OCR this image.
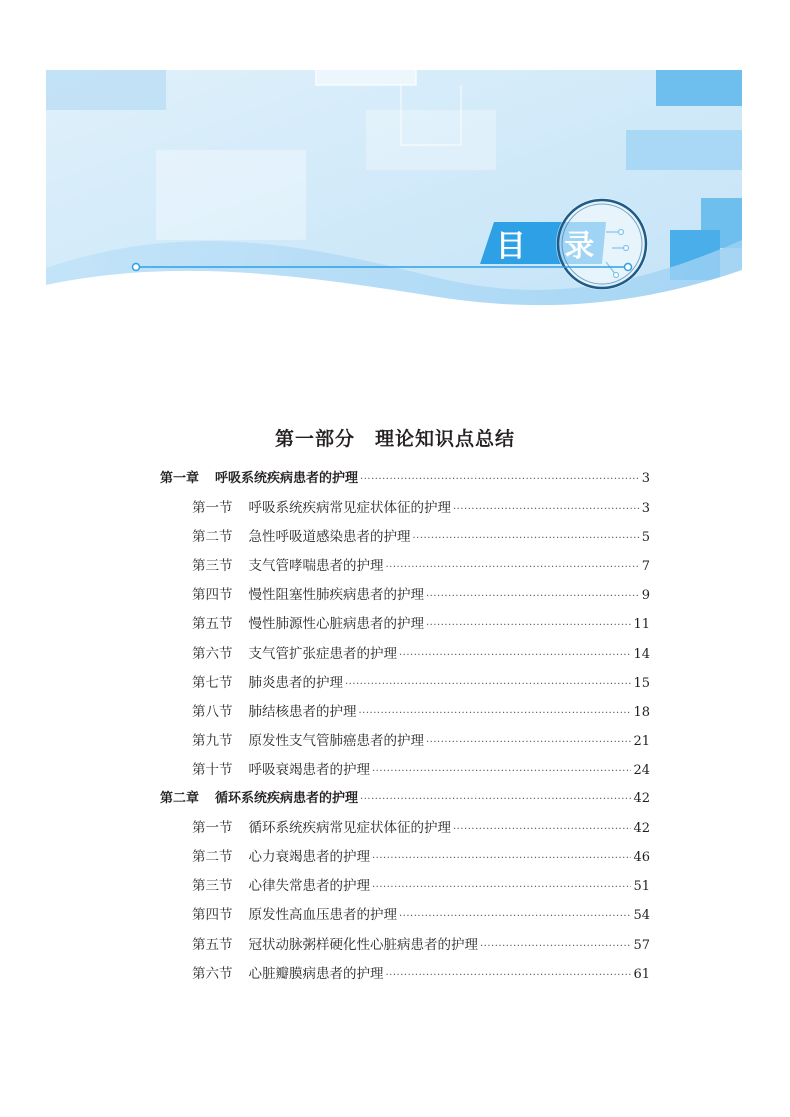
目 录
第一部分　理论知识点总结
第一章 呼吸系统疾病患者的护理 ·····	3
第一节 呼吸系统疾病常见症状体征的护理 ·····	3
第二节 急性呼吸道感染患者的护理 ·····	5
第三节 支气管哮喘患者的护理 ·····	7
第四节 慢性阻塞性肺疾病患者的护理 ·····	9
第五节 慢性肺源性心脏病患者的护理 ·····	11
第六节 支气管扩张症患者的护理 ·····	14
第七节 肺炎患者的护理 ·····	15
第八节 肺结核患者的护理 ·····	18
第九节 原发性支气管肺癌患者的护理 ·····	21
第十节 呼吸衰竭患者的护理 ·····	24
第二章 循环系统疾病患者的护理 ·····	42
第一节 循环系统疾病常见症状体征的护理 ·····	42
第二节 心力衰竭患者的护理 ·····	46
第三节 心律失常患者的护理 ·····	51
第四节 原发性高血压患者的护理 ·····	54
第五节 冠状动脉粥样硬化性心脏病患者的护理 ·····	57
第六节 心脏瓣膜病患者的护理 ·····	61
